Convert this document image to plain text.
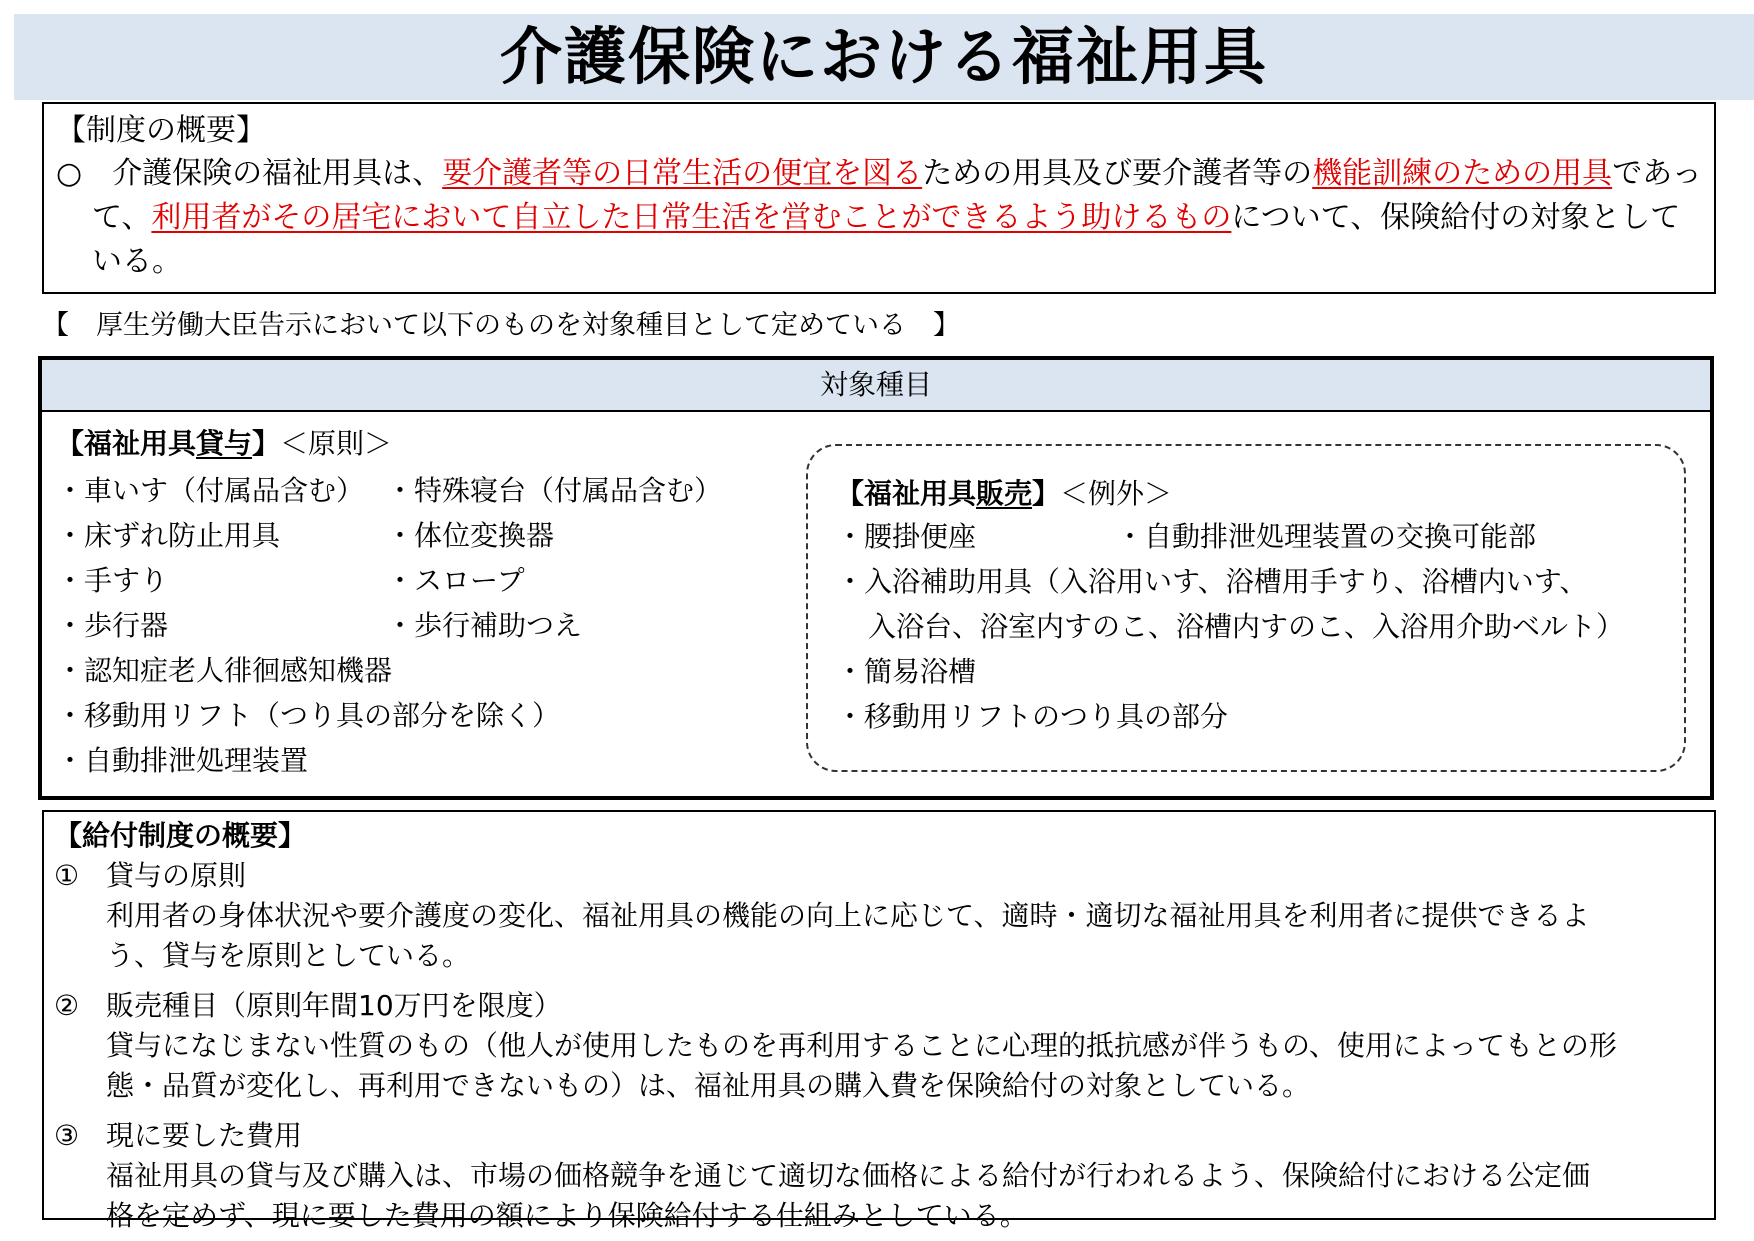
介護保険における福祉用具
【制度の概要】
○　 介護保険の福祉用具は、要介護者等の日常生活の便宜を図るための用具及び要介護者等の機能訓練のための用具であって、利用者がその居宅において自立した日常生活を営むことができるよう助けるものについて、保険給付の対象としている。
【　厚生労働大臣告示において以下のものを対象種目として定めている　】
対象種目
【福祉用具貸与】＜原則＞
・車いす（付属品含む） ・特殊寝台（付属品含む）
・床ずれ防止用具	・体位変換器
・手すり	・スロープ
・歩行器	・歩行補助つえ
・認知症老人徘徊感知機器
・移動用リフト（つり具の部分を除く）
・自動排泄処理装置
【福祉用具販売】＜例外＞
・腰掛便座	・自動排泄処理装置の交換可能部
・入浴補助用具（入浴用いす、浴槽用手すり、浴槽内いす、
入浴台、浴室内すのこ、浴槽内すのこ、入浴用介助ベルト）
・簡易浴槽
・移動用リフトのつり具の部分
【給付制度の概要】
① 貸与の原則
利用者の身体状況や要介護度の変化、福祉用具の機能の向上に応じて、適時・適切な福祉用具を利用者に提供できるよ
う、貸与を原則としている。
② 販売種目（原則年間10万円を限度）
貸与になじまない性質のもの（他人が使用したものを再利用することに心理的抵抗感が伴うもの、使用によってもとの形
態・品質が変化し、再利用できないもの）は、福祉用具の購入費を保険給付の対象としている。
③ 現に要した費用
福祉用具の貸与及び購入は、市場の価格競争を通じて適切な価格による給付が行われるよう、保険給付における公定価
格を定めず、現に要した費用の額により保険給付する仕組みとしている。
